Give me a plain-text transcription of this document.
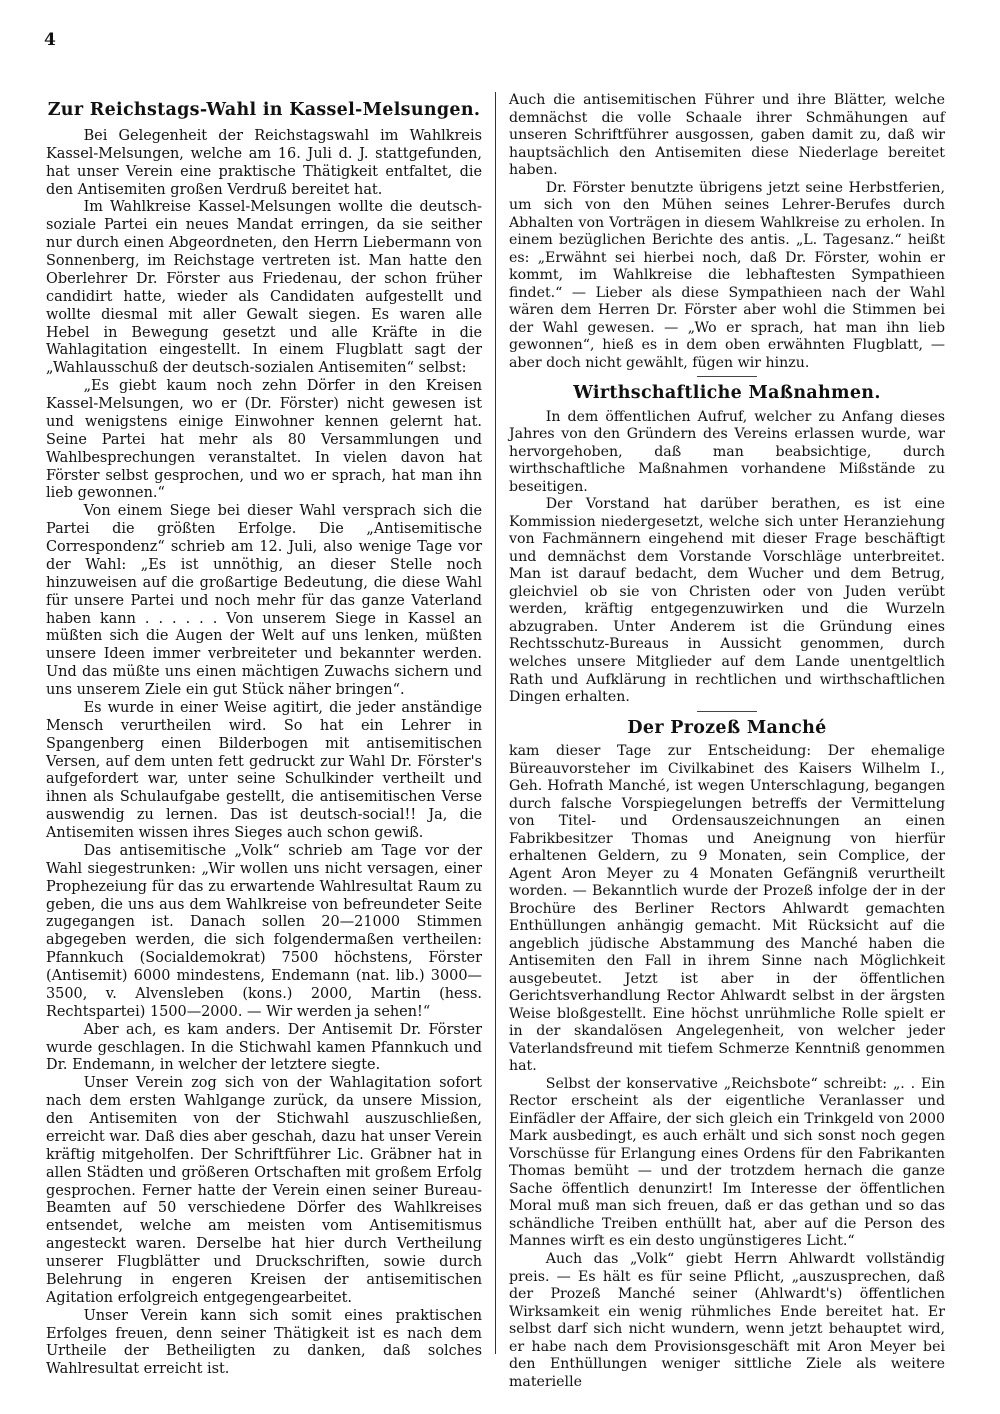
4
Zur Reichstags-Wahl in Kassel-Melsungen.

Bei Gelegenheit der Reichstagswahl im Wahlkreis Kassel-Melsungen, welche am 16. Juli d. J. stattgefunden, hat unser Verein eine praktische Thätigkeit entfaltet, die den Antisemiten großen Verdruß bereitet hat.

Im Wahlkreise Kassel-Melsungen wollte die deutsch-soziale Partei ein neues Mandat erringen, da sie seither nur durch einen Abgeordneten, den Herrn Liebermann von Sonnenberg, im Reichstage vertreten ist. Man hatte den Oberlehrer Dr. Förster aus Friedenau, der schon früher candidirt hatte, wieder als Candidaten aufgestellt und wollte diesmal mit aller Gewalt siegen. Es waren alle Hebel in Bewegung gesetzt und alle Kräfte in die Wahlagitation eingestellt. In einem Flugblatt sagt der „Wahlausschuß der deutsch-sozialen Antisemiten“ selbst:

„Es giebt kaum noch zehn Dörfer in den Kreisen Kassel-Melsungen, wo er (Dr. Förster) nicht gewesen ist und wenigstens einige Einwohner kennen gelernt hat. Seine Partei hat mehr als 80 Versammlungen und Wahlbesprechungen veranstaltet. In vielen davon hat Förster selbst gesprochen, und wo er sprach, hat man ihn lieb gewonnen.“

Von einem Siege bei dieser Wahl versprach sich die Partei die größten Erfolge. Die „Antisemitische Correspondenz“ schrieb am 12. Juli, also wenige Tage vor der Wahl: „Es ist unnöthig, an dieser Stelle noch hinzuweisen auf die großartige Bedeutung, die diese Wahl für unsere Partei und noch mehr für das ganze Vaterland haben kann . . . . . . Von unserem Siege in Kassel an müßten sich die Augen der Welt auf uns lenken, müßten unsere Ideen immer verbreiteter und bekannter werden. Und das müßte uns einen mächtigen Zuwachs sichern und uns unserem Ziele ein gut Stück näher bringen“.

Es wurde in einer Weise agitirt, die jeder anständige Mensch verurtheilen wird. So hat ein Lehrer in Spangenberg einen Bilderbogen mit antisemitischen Versen, auf dem unten fett gedruckt zur Wahl Dr. Förster's aufgefordert war, unter seine Schulkinder vertheilt und ihnen als Schulaufgabe gestellt, die antisemitischen Verse auswendig zu lernen. Das ist deutsch-social!! Ja, die Antisemiten wissen ihres Sieges auch schon gewiß.

Das antisemitische „Volk“ schrieb am Tage vor der Wahl siegestrunken: „Wir wollen uns nicht versagen, einer Prophezeiung für das zu erwartende Wahlresultat Raum zu geben, die uns aus dem Wahlkreise von befreundeter Seite zugegangen ist. Danach sollen 20—21000 Stimmen abgegeben werden, die sich folgendermaßen vertheilen: Pfannkuch (Socialdemokrat) 7500 höchstens, Förster (Antisemit) 6000 mindestens, Endemann (nat. lib.) 3000—3500, v. Alvensleben (kons.) 2000, Martin (hess. Rechtspartei) 1500—2000. — Wir werden ja sehen!“

Aber ach, es kam anders. Der Antisemit Dr. Förster wurde geschlagen. In die Stichwahl kamen Pfannkuch und Dr. Endemann, in welcher der letztere siegte.

Unser Verein zog sich von der Wahlagitation sofort nach dem ersten Wahlgange zurück, da unsere Mission, den Antisemiten von der Stichwahl auszuschließen, erreicht war. Daß dies aber geschah, dazu hat unser Verein kräftig mitgeholfen. Der Schriftführer Lic. Gräbner hat in allen Städten und größeren Ortschaften mit großem Erfolg gesprochen. Ferner hatte der Verein einen seiner Bureau-Beamten auf 50 verschiedene Dörfer des Wahlkreises entsendet, welche am meisten vom Antisemitismus angesteckt waren. Derselbe hat hier durch Vertheilung unserer Flugblätter und Druckschriften, sowie durch Belehrung in engeren Kreisen der antisemitischen Agitation erfolgreich entgegengearbeitet.

Unser Verein kann sich somit eines praktischen Erfolges freuen, denn seiner Thätigkeit ist es nach dem Urtheile der Betheiligten zu danken, daß solches Wahlresultat erreicht ist.

Auch die antisemitischen Führer und ihre Blätter, welche demnächst die volle Schaale ihrer Schmähungen auf unseren Schriftführer ausgossen, gaben damit zu, daß wir hauptsächlich den Antisemiten diese Niederlage bereitet haben.

Dr. Förster benutzte übrigens jetzt seine Herbstferien, um sich von den Mühen seines Lehrer-Berufes durch Abhalten von Vorträgen in diesem Wahlkreise zu erholen. In einem bezüglichen Berichte des antis. „L. Tagesanz.“ heißt es: „Erwähnt sei hierbei noch, daß Dr. Förster, wohin er kommt, im Wahlkreise die lebhaftesten Sympathieen findet.“ — Lieber als diese Sympathieen nach der Wahl wären dem Herren Dr. Förster aber wohl die Stimmen bei der Wahl gewesen. — „Wo er sprach, hat man ihn lieb gewonnen“, hieß es in dem oben erwähnten Flugblatt, — aber doch nicht gewählt, fügen wir hinzu.

Wirthschaftliche Maßnahmen.

In dem öffentlichen Aufruf, welcher zu Anfang dieses Jahres von den Gründern des Vereins erlassen wurde, war hervorgehoben, daß man beabsichtige, durch wirthschaftliche Maßnahmen vorhandene Mißstände zu beseitigen.

Der Vorstand hat darüber berathen, es ist eine Kommission niedergesetzt, welche sich unter Heranziehung von Fachmännern eingehend mit dieser Frage beschäftigt und demnächst dem Vorstande Vorschläge unterbreitet. Man ist darauf bedacht, dem Wucher und dem Betrug, gleichviel ob sie von Christen oder von Juden verübt werden, kräftig entgegenzuwirken und die Wurzeln abzugraben. Unter Anderem ist die Gründung eines Rechtsschutz-Bureaus in Aussicht genommen, durch welches unsere Mitglieder auf dem Lande unentgeltlich Rath und Aufklärung in rechtlichen und wirthschaftlichen Dingen erhalten.

Der Prozeß Manché

kam dieser Tage zur Entscheidung: Der ehemalige Büreauvorsteher im Civilkabinet des Kaisers Wilhelm I., Geh. Hofrath Manché, ist wegen Unterschlagung, begangen durch falsche Vorspiegelungen betreffs der Vermittelung von Titel- und Ordensauszeichnungen an einen Fabrikbesitzer Thomas und Aneignung von hierfür erhaltenen Geldern, zu 9 Monaten, sein Complice, der Agent Aron Meyer zu 4 Monaten Gefängniß verurtheilt worden. — Bekanntlich wurde der Prozeß infolge der in der Brochüre des Berliner Rectors Ahlwardt gemachten Enthüllungen anhängig gemacht. Mit Rücksicht auf die angeblich jüdische Abstammung des Manché haben die Antisemiten den Fall in ihrem Sinne nach Möglichkeit ausgebeutet. Jetzt ist aber in der öffentlichen Gerichtsverhandlung Rector Ahlwardt selbst in der ärgsten Weise bloßgestellt. Eine höchst unrühmliche Rolle spielt er in der skandalösen Angelegenheit, von welcher jeder Vaterlandsfreund mit tiefem Schmerze Kenntniß genommen hat.

Selbst der konservative „Reichsbote“ schreibt: „. . Ein Rector erscheint als der eigentliche Veranlasser und Einfädler der Affaire, der sich gleich ein Trinkgeld von 2000 Mark ausbedingt, es auch erhält und sich sonst noch gegen Vorschüsse für Erlangung eines Ordens für den Fabrikanten Thomas bemüht — und der trotzdem hernach die ganze Sache öffentlich denunzirt! Im Interesse der öffentlichen Moral muß man sich freuen, daß er das gethan und so das schändliche Treiben enthüllt hat, aber auf die Person des Mannes wirft es ein desto ungünstigeres Licht.“

Auch das „Volk“ giebt Herrn Ahlwardt vollständig preis. — Es hält es für seine Pflicht, „auszusprechen, daß der Prozeß Manché seiner (Ahlwardt's) öffentlichen Wirksamkeit ein wenig rühmliches Ende bereitet hat. Er selbst darf sich nicht wundern, wenn jetzt behauptet wird, er habe nach dem Provisionsgeschäft mit Aron Meyer bei den Enthüllungen weniger sittliche Ziele als weitere materielle
